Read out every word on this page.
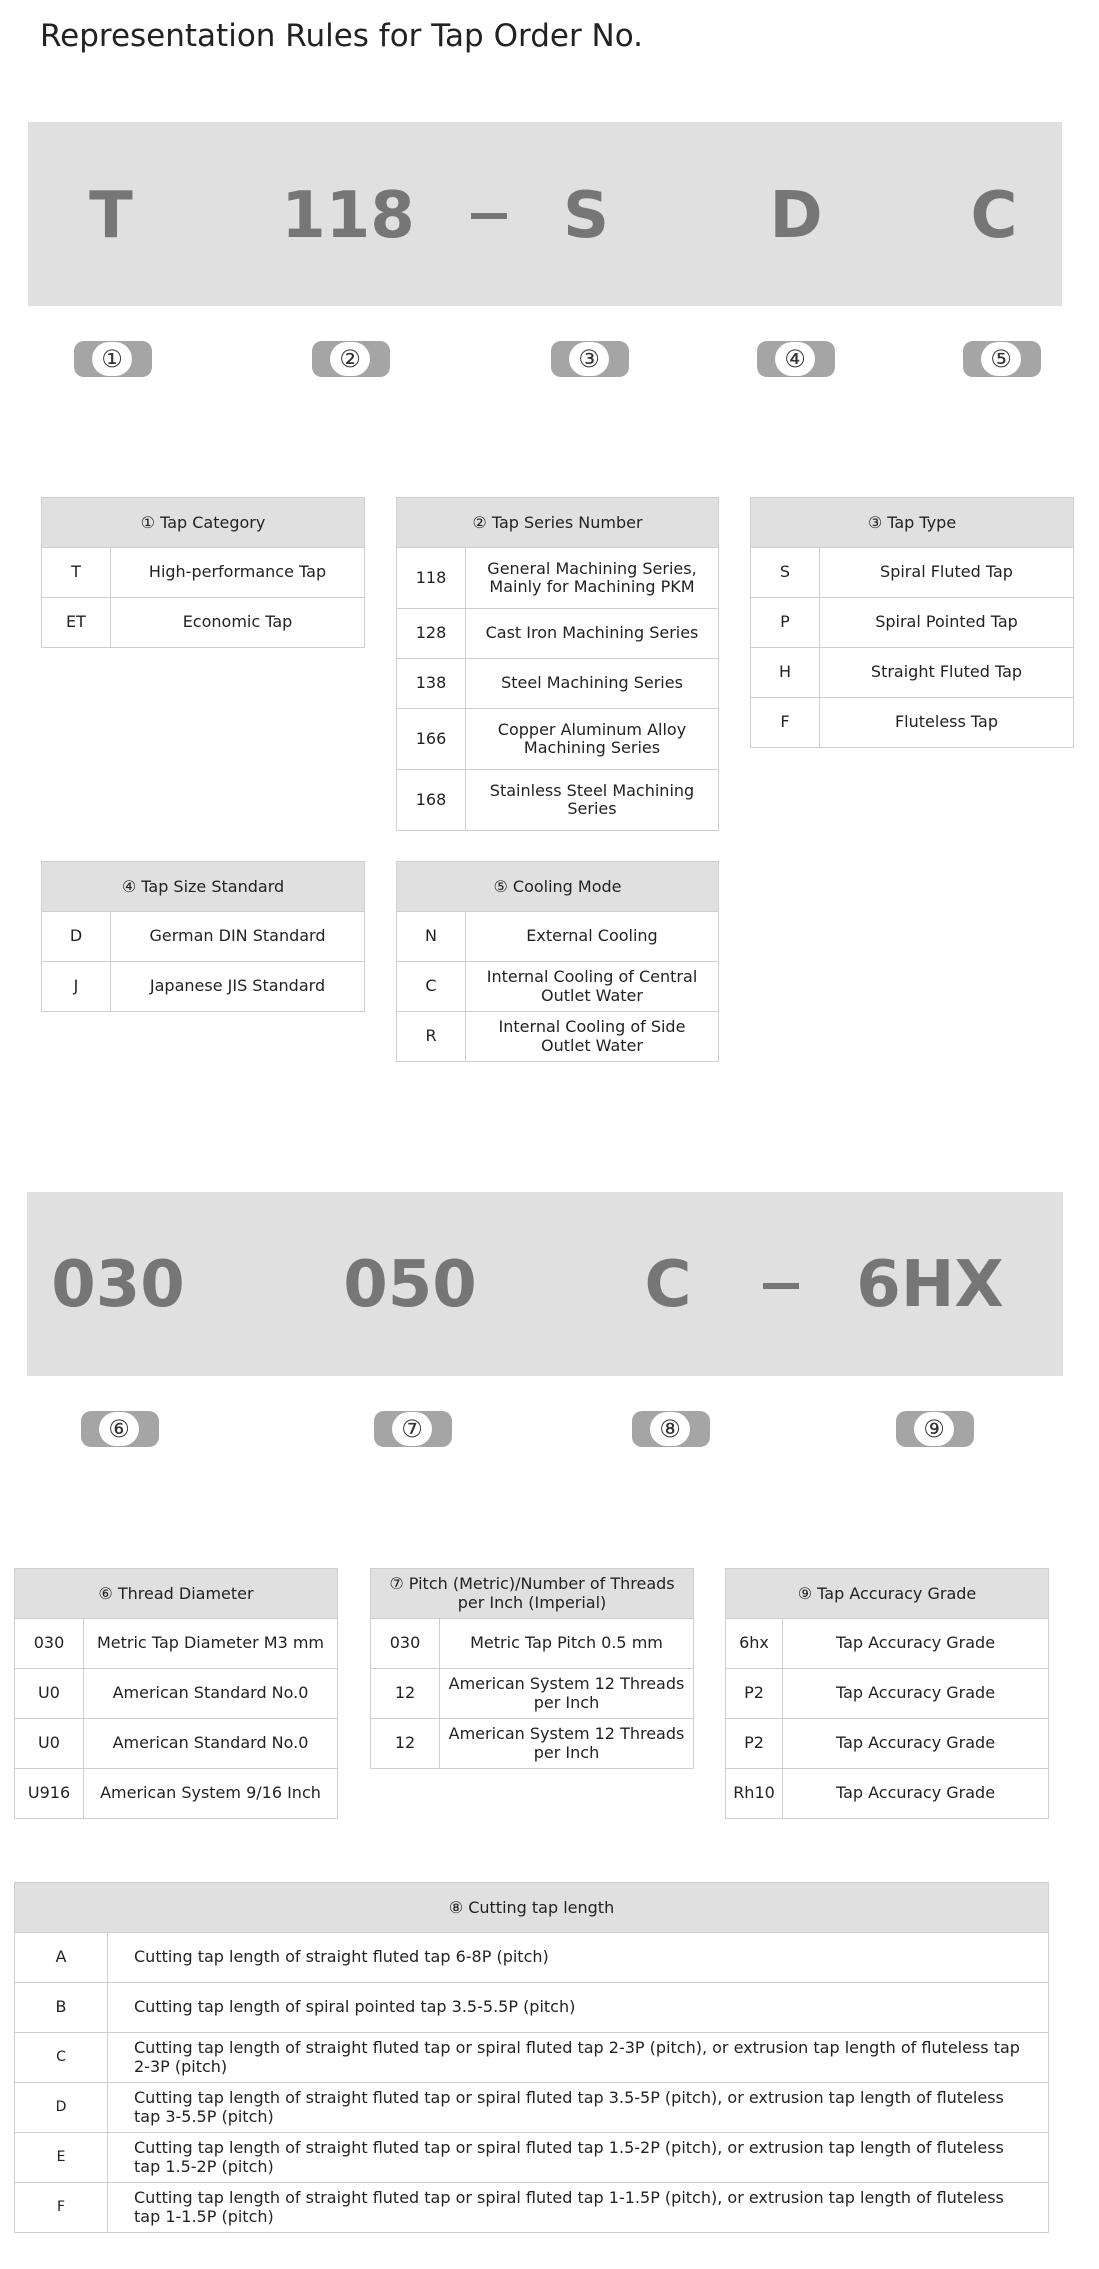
Representation Rules for Tap Order No.
T 118 S	D C
①	②	③	④	⑤
① Tap Category	
T	High-performance Tap
ET	Economic Tap
② Tap Series Number	
118	General Machining Series, Mainly for Machining PKM
128	Cast Iron Machining Series
138	Steel Machining Series
166	Copper Aluminum Alloy Machining Series
168	Stainless Steel Machining Series
③ Tap Type	
S	Spiral Fluted Tap
P	Spiral Pointed Tap
H	Straight Fluted Tap
F	Fluteless Tap
④ Tap Size Standard	
D	German DIN Standard
J	Japanese JIS Standard
⑤ Cooling Mode	
N	External Cooling
C	Internal Cooling of Central Outlet Water
R	Internal Cooling of Side Outlet Water
030 050	C	6HX
⑥	⑦	⑧	⑨
⑥ Thread Diameter	
030	Metric Tap Diameter M3 mm
U0	American Standard No.0
U0	American Standard No.0
U916	American System 9/16 Inch
⑦ Pitch (Metric)/Number of Threads per Inch (Imperial)	
030	Metric Tap Pitch 0.5 mm
12	American System 12 Threads per Inch
12	American System 12 Threads per Inch
⑨ Tap Accuracy Grade	
6hx	Tap Accuracy Grade
P2	Tap Accuracy Grade
P2	Tap Accuracy Grade
Rh10	Tap Accuracy Grade
⑧ Cutting tap length	
A	Cutting tap length of straight fluted tap 6-8P (pitch)
B	Cutting tap length of spiral pointed tap 3.5-5.5P (pitch)
C	Cutting tap length of straight fluted tap or spiral fluted tap 2-3P (pitch), or extrusion tap length of fluteless tap 2-3P (pitch)
D	Cutting tap length of straight fluted tap or spiral fluted tap 3.5-5P (pitch), or extrusion tap length of fluteless tap 3-5.5P (pitch)
E	Cutting tap length of straight fluted tap or spiral fluted tap 1.5-2P (pitch), or extrusion tap length of fluteless tap 1.5-2P (pitch)
F	Cutting tap length of straight fluted tap or spiral fluted tap 1-1.5P (pitch), or extrusion tap length of fluteless tap 1-1.5P (pitch)
